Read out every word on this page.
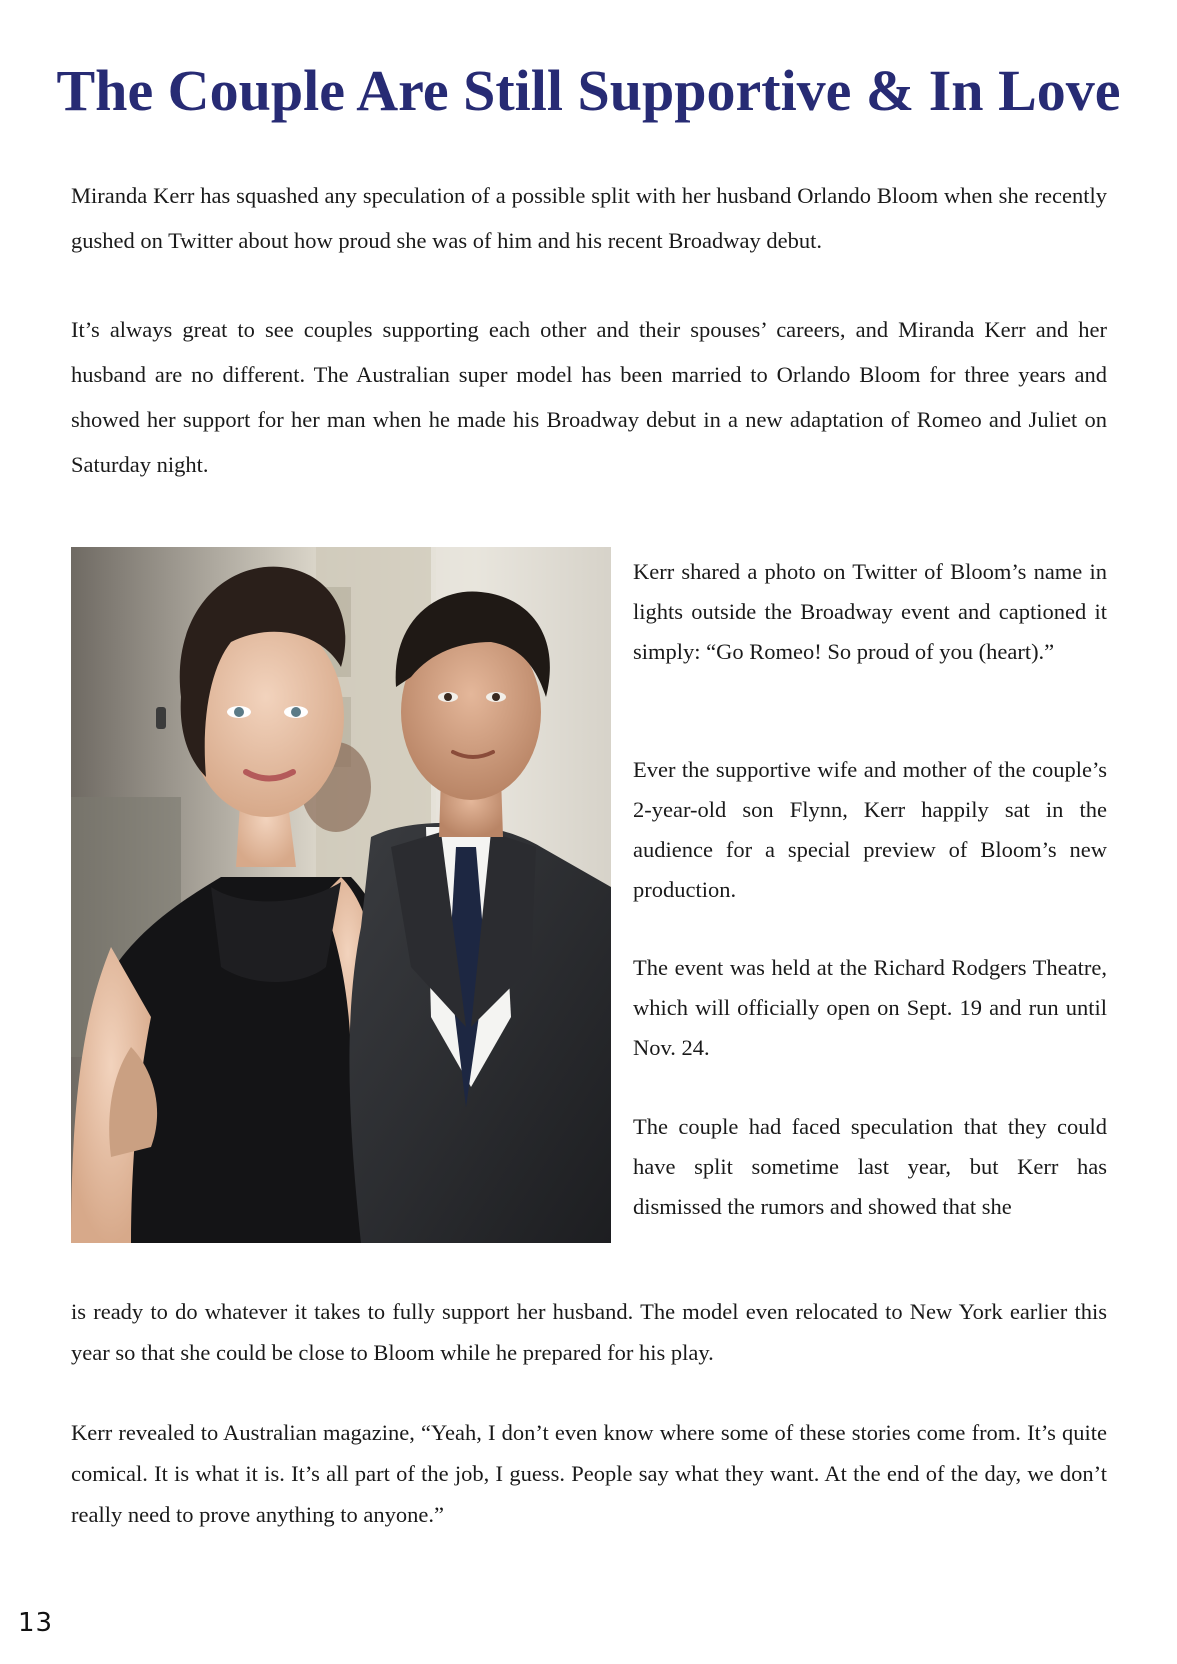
The Couple Are Still Supportive & In Love

Miranda Kerr has squashed any speculation of a possible split with her husband Orlando Bloom when she recently gushed on Twitter about how proud she was of him and his recent Broadway debut.

It’s always great to see couples supporting each other and their spouses’ careers, and Miranda Kerr and her husband are no different. The Australian super model has been married to Orlando Bloom for three years and showed her support for her man when he made his Broadway debut in a new adaptation of Romeo and Juliet on Saturday night.

Kerr shared a photo on Twitter of Bloom’s name in lights outside the Broadway event and captioned it simply: “Go Romeo! So proud of you (heart).”

Ever the supportive wife and mother of the couple’s 2-year-old son Flynn, Kerr happily sat in the audience for a special preview of Bloom’s new production.

The event was held at the Richard Rodgers Theatre, which will officially open on Sept. 19 and run until Nov. 24.

The couple had faced speculation that they could have split sometime last year, but Kerr has dismissed the rumors and showed that she

is ready to do whatever it takes to fully support her husband. The model even relocated to New York earlier this year so that she could be close to Bloom while he prepared for his play.

Kerr revealed to Australian magazine, “Yeah, I don’t even know where some of these stories come from. It’s quite comical. It is what it is. It’s all part of the job, I guess. People say what they want. At the end of the day, we don’t really need to prove anything to anyone.”

13
